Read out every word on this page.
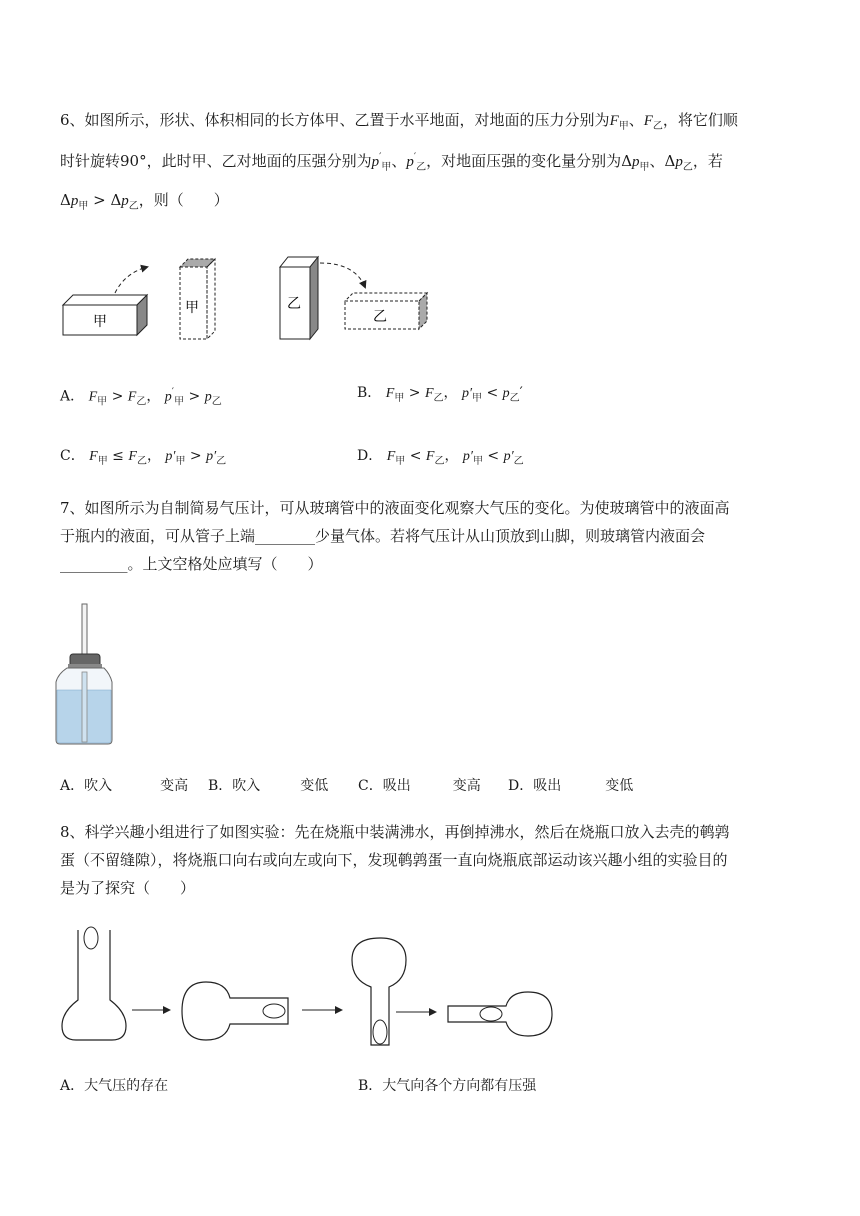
6、如图所示，形状、体积相同的长方体甲、乙置于水平地面，对地面的压力分别为$F_甲$、$F_乙$，将它们顺
时针旋转90°，此时甲、乙对地面的压强分别为$p'_甲$、$p'_乙$，对地面压强的变化量分别为$\Delta p_甲$、$\Delta p_乙$，若
$\Delta p_甲 > \Delta p_乙$，则（　　）
甲
甲	乙
乙
A． $F_甲 > F_乙$， $p'_甲 > p_乙$
B． $F_甲 > F_乙$， $p'_甲 < p_乙'$
C． $F_甲 \le F_乙$， $p'_甲 > p'_乙$	D． $F_甲 < F_乙$， $p'_甲 < p'_乙$
7、如图所示为自制简易气压计，可从玻璃管中的液面变化观察大气压的变化。为使玻璃管中的液面高
于瓶内的液面，可从管子上端________少量气体。若将气压计从山顶放到山脚，则玻璃管内液面会
_________。上文空格处应填写（　　）
A．吹入	变高 B．吹入	变低 C．吸出	变高 D．吸出	变低
8、科学兴趣小组进行了如图实验：先在烧瓶中装满沸水，再倒掉沸水，然后在烧瓶口放入去壳的鹌鹑
蛋（不留缝隙），将烧瓶口向右或向左或向下，发现鹌鹑蛋一直向烧瓶底部运动该兴趣小组的实验目的
是为了探究（　　）
A．大气压的存在	B．大气向各个方向都有压强
